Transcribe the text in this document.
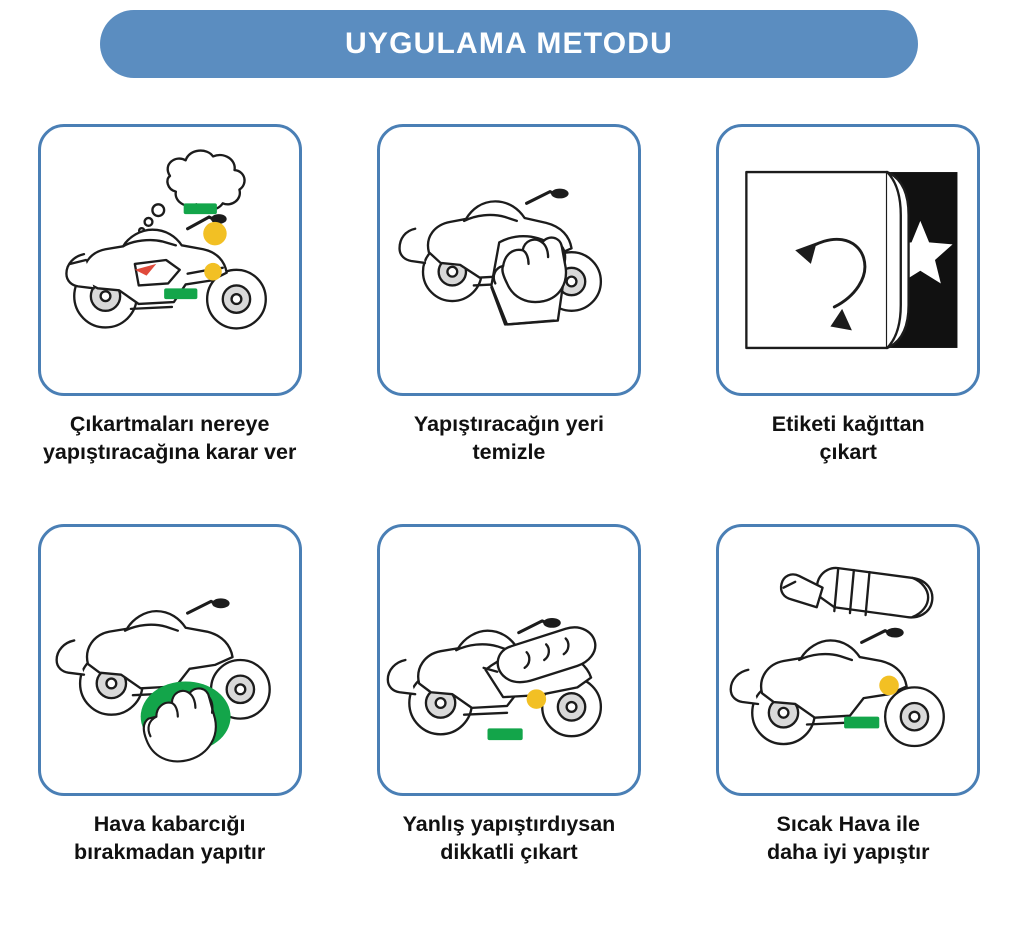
UYGULAMA METODU
Çıkartmaları nereye
yapıştıracağına karar ver
Yapıştıracağın yeri
temizle
Etiketi kağıttan
çıkart
Hava kabarcığı
bırakmadan yapıtır
Yanlış yapıştırdıysan
dikkatli çıkart
Sıcak Hava ile
daha iyi yapıştır
